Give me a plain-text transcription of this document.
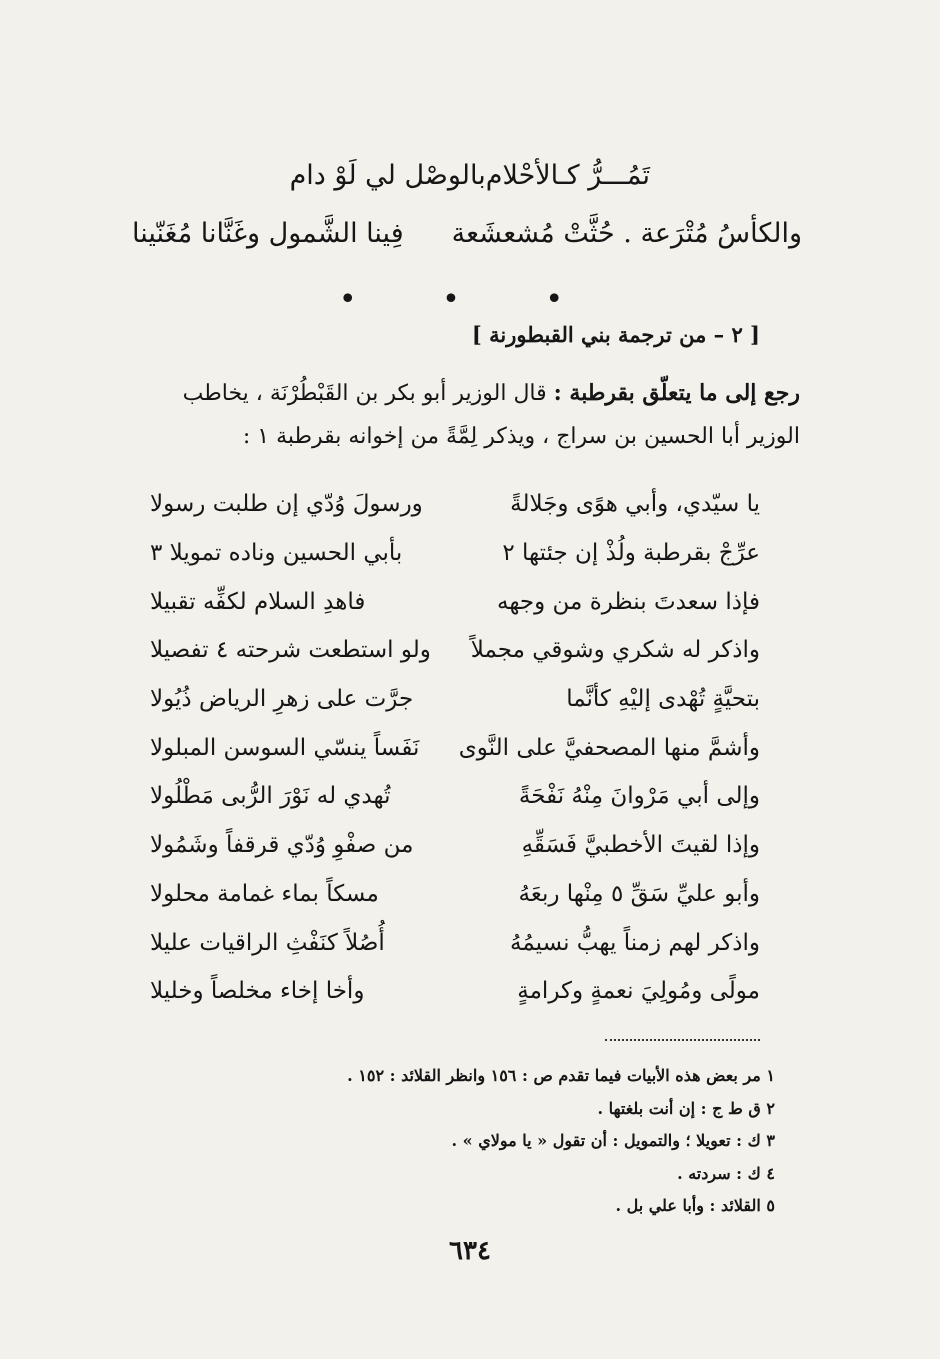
تَمُـــرُّ كـالأحْلام
بالوصْل لي لَوْ دام
والكأسُ مُتْرَعة . حُثَّتْ مُشعشَعة
فِينا الشَّمول وغَنَّانا مُغَنّينا
• • •
[ ٢ – من ترجمة بني القبطورنة ]
رجع إلى ما يتعلّق بقرطبة : قال الوزير أبو بكر بن القَبْطُرْنَة ، يخاطب
الوزير أبا الحسين بن سراج ، ويذكر لِمَّةً من إخوانه بقرطبة ١ :
يا سيّدي، وأبي هوًى وجَلالةً
ورسولَ وُدّي إن طلبت رسولا
عرِّجْ بقرطبة ولُذْ إن جئتها ٢
بأبي الحسين وناده تمويلا ٣
فإذا سعدتَ بنظرة من وجهه
فاهدِ السلام لكفِّه تقبيلا
واذكر له شكري وشوقي مجملاً
ولو استطعت شرحته ٤ تفصيلا
بتحيَّةٍ تُهْدى إليْهِ كأنَّما
جرَّت على زهرِ الرياض ذُيُولا
وأشمَّ منها المصحفيَّ على النَّوى
نَفَساً ينسّي السوسن المبلولا
وإلى أبي مَرْوانَ مِنْهُ نَفْحَةً
تُهدي له نَوْرَ الرُّبى مَطْلُولا
وإذا لقيتَ الأخطبيَّ فَسَقِّهِ
من صفْوِ وُدّي قرقفاً وشَمُولا
وأبو عليِّ سَقِّ ٥ مِنْها ربعَهُ
مسكاً بماء غمامة محلولا
واذكر لهم زمناً يهبُّ نسيمُهُ
أُصُلاً كنَفْثِ الراقيات عليلا
مولًى ومُولِيَ نعمةٍ وكرامةٍ
وأخا إخاء مخلصاً وخليلا
١ مر بعض هذه الأبيات فيما تقدم ص : ١٥٦ وانظر القلائد : ١٥٢ .
٢ ق ط ج : إن أنت بلغتها .
٣ ك : تعويلا ؛ والتمويل : أن تقول « يا مولاي » .
٤ ك : سردته .
٥ القلائد : وأبا علي بل .
٦٣٤
